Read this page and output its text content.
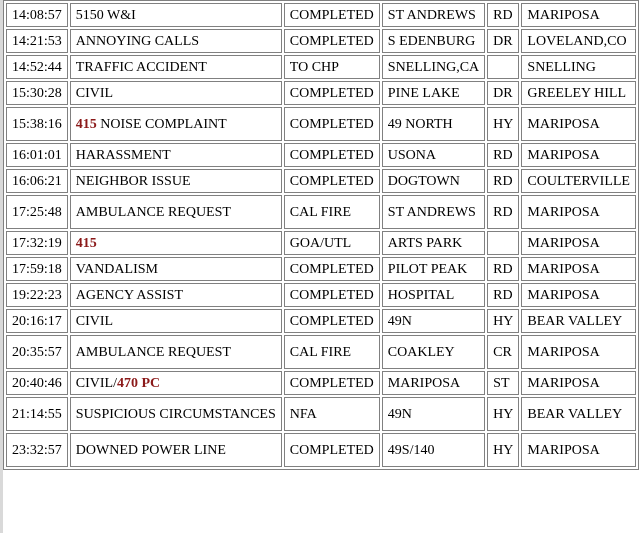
14:08:57	5150 W&I	COMPLETED	ST ANDREWS	RD	MARIPOSA
14:21:53	ANNOYING CALLS	COMPLETED	S EDENBURG	DR	LOVELAND,CO
14:52:44	TRAFFIC ACCIDENT	TO CHP	SNELLING,CA		SNELLING
15:30:28	CIVIL	COMPLETED	PINE LAKE	DR	GREELEY HILL
15:38:16	415 NOISE COMPLAINT	COMPLETED	49 NORTH	HY	MARIPOSA
16:01:01	HARASSMENT	COMPLETED	USONA	RD	MARIPOSA
16:06:21	NEIGHBOR ISSUE	COMPLETED	DOGTOWN	RD	COULTERVILLE
17:25:48	AMBULANCE REQUEST	CAL FIRE	ST ANDREWS	RD	MARIPOSA
17:32:19	415	GOA/UTL	ARTS PARK		MARIPOSA
17:59:18	VANDALISM	COMPLETED	PILOT PEAK	RD	MARIPOSA
19:22:23	AGENCY ASSIST	COMPLETED	HOSPITAL	RD	MARIPOSA
20:16:17	CIVIL	COMPLETED	49N	HY	BEAR VALLEY
20:35:57	AMBULANCE REQUEST	CAL FIRE	COAKLEY	CR	MARIPOSA
20:40:46	CIVIL/470 PC	COMPLETED	MARIPOSA	ST	MARIPOSA
21:14:55	SUSPICIOUS CIRCUMSTANCES	NFA	49N	HY	BEAR VALLEY
23:32:57	DOWNED POWER LINE	COMPLETED	49S/140	HY	MARIPOSA
